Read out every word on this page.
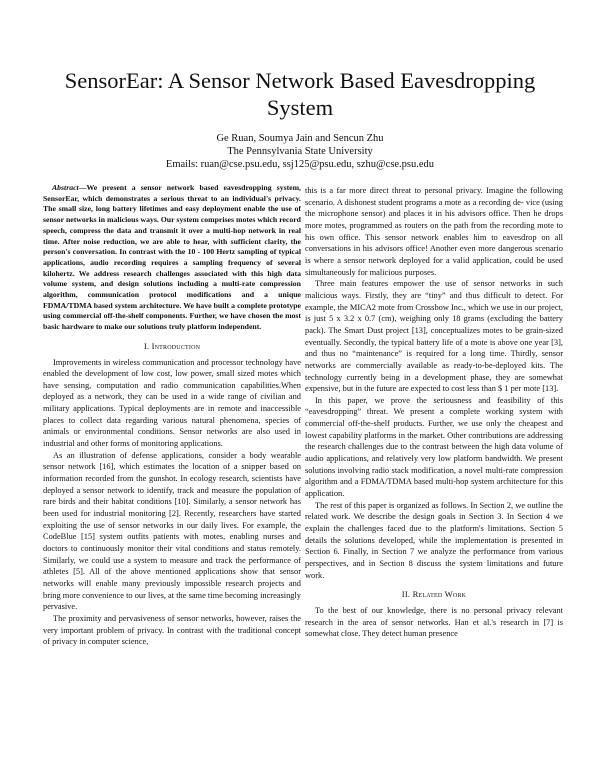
SensorEar: A Sensor Network Based Eavesdropping System
Ge Ruan, Soumya Jain and Sencun Zhu
The Pennsylvania State University
Emails: ruan@cse.psu.edu, ssj125@psu.edu, szhu@cse.psu.edu

Abstract—We present a sensor network based eavesdropping system, SensorEar, which demonstrates a serious threat to an individual's privacy. The small size, long battery lifetimes and easy deployment enable the use of sensor networks in malicious ways. Our system comprises motes which record speech, compress the data and transmit it over a multi-hop network in real time. After noise reduction, we are able to hear, with sufficient clarity, the person's conversation. In contrast with the 10 - 100 Hertz sampling of typical applications, audio recording requires a sampling frequency of several kilohertz. We address research challenges associated with this high data volume system, and design solutions including a multi-rate compression algorithm, communication protocol modifications and a unique FDMA/TDMA based system architecture. We have built a complete prototype using commercial off-the-shelf components. Further, we have chosen the most basic hardware to make our solutions truly platform independent.

I. Introduction

Improvements in wireless communication and processor technology have enabled the development of low cost, low power, small sized motes which have sensing, computation and radio communication capabilities.When deployed as a network, they can be used in a wide range of civilian and military applications. Typical deployments are in remote and inaccessible places to collect data regarding various natural phenomena, species of animals or environmental conditions. Sensor networks are also used in industrial and other forms of monitoring applications.

As an illustration of defense applications, consider a body wearable sensor network [16], which estimates the location of a snipper based on information recorded from the gunshot. In ecology research, scientists have deployed a sensor network to identify, track and measure the population of rare birds and their habitat conditions [10]. Similarly, a sensor network has been used for industrial monitoring [2]. Recently, researchers have started exploiting the use of sensor networks in our daily lives. For example, the CodeBlue [15] system outfits patients with motes, enabling nurses and doctors to continuously monitor their vital conditions and status remotely. Similarly, we could use a system to measure and track the performance of athletes [5]. All of the above mentioned applications show that sensor networks will enable many previously impossible research projects and bring more convenience to our lives, at the same time becoming increasingly pervasive.

The proximity and pervasiveness of sensor networks, however, raises the very important problem of privacy. In contrast with the traditional concept of privacy in computer science,

this is a far more direct threat to personal privacy. Imagine the following scenario. A dishonest student programs a mote as a recording de- vice (using the microphone sensor) and places it in his advisors office. Then he drops more motes, programmed as routers on the path from the recording mote to his own office. This sensor network enables him to eavesdrop on all conversations in his advisors office! Another even more dangerous scenario is where a sensor network deployed for a valid application, could be used simultaneously for malicious purposes.

Three main features empower the use of sensor networks in such malicious ways. Firstly, they are “tiny” and thus difficult to detect. For example, the MICA2 mote from Crossbow Inc., which we use in our project, is just 5 x 3.2 x 0.7 (cm), weighing only 18 grams (excluding the battery pack). The Smart Dust project [13], conceptualizes motes to be grain-sized eventually. Secondly, the typical battery life of a mote is above one year [3], and thus no “maintenance” is required for a long time. Thirdly, sensor networks are commercially available as ready-to-be-deployed kits. The technology currently being in a development phase, they are somewhat expensive, but in the future are expected to cost less than $ 1 per mote [13].

In this paper, we prove the seriousness and feasibility of this “eavesdropping” threat. We present a complete working system with commercial off-the-shelf products. Further, we use only the cheapest and lowest capability platforms in the market. Other contributions are addressing the research challenges due to the contrast between the high data volume of audio applications, and relatively very low platform bandwidth. We present solutions involving radio stack modification, a novel multi-rate compression algorithm and a FDMA/TDMA based multi-hop system architecture for this application.

The rest of this paper is organized as follows. In Section 2, we outline the related work. We describe the design goals in Section 3. In Section 4 we explain the challenges faced due to the platform's limitations. Section 5 details the solutions developed, while the implementation is presented in Section 6. Finally, in Section 7 we analyze the performance from various perspectives, and in Section 8 discuss the system limitations and future work.

II. Related Work

To the best of our knowledge, there is no personal privacy relevant research in the area of sensor networks. Han et al.'s research in [7] is somewhat close. They detect human presence
